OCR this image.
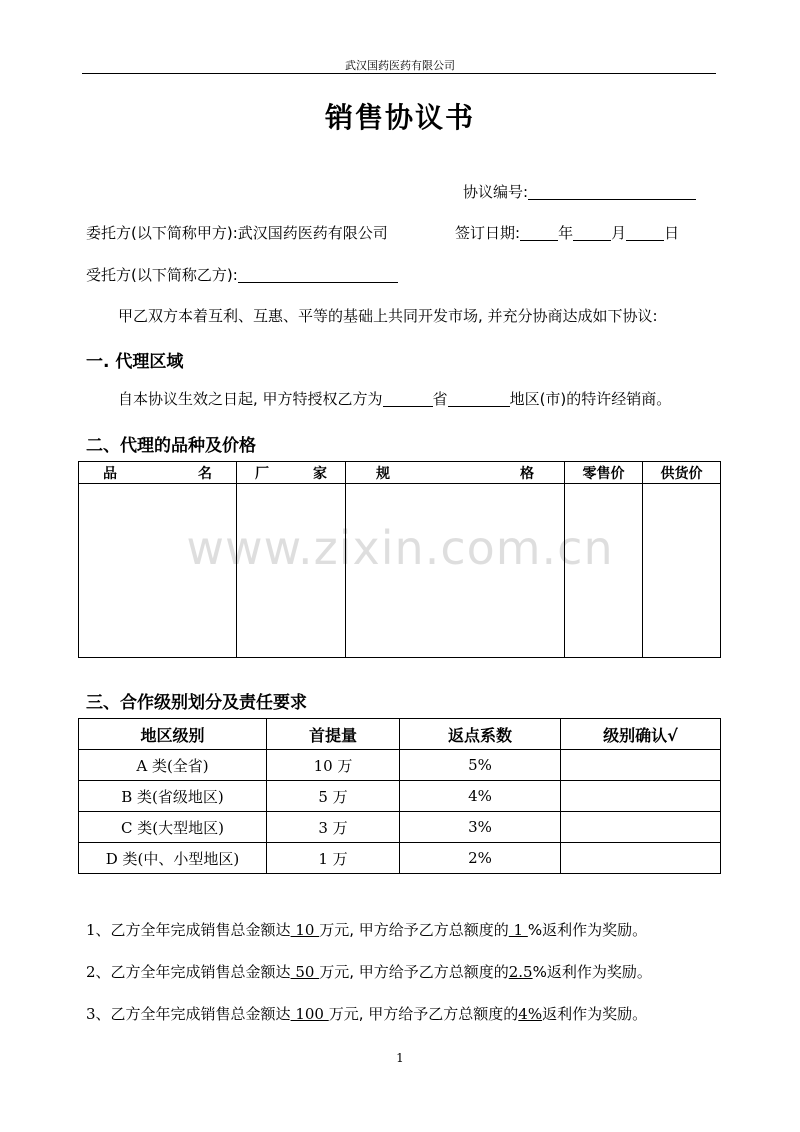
武汉国药医药有限公司
销售协议书
协议编号:
委托方(以下简称甲方):武汉国药医药有限公司	签订日期:	年	月	日
受托方(以下简称乙方):
甲乙双方本着互利、互惠、平等的基础上共同开发市场, 并充分协商达成如下协议:
一. 代理区域
自本协议生效之日起, 甲方特授权乙方为	省	地区(市)的特许经销商。
二、代理的品种及价格
品 名	厂 家	规 格	零售价	供货价

www.zixin.com.cn
三、合作级别划分及责任要求
地区级别	首提量	返点系数	级别确认√
A 类(全省)	10 万	5%	
B 类(省级地区)	5 万	4%	
C 类(大型地区)	3 万	3%	
D 类(中、小型地区)	1 万	2%	
1、乙方全年完成销售总金额达 10 万元, 甲方给予乙方总额度的 1 %返利作为奖励。
2、乙方全年完成销售总金额达 50 万元, 甲方给予乙方总额度的2.5%返利作为奖励。
3、乙方全年完成销售总金额达 100 万元, 甲方给予乙方总额度的4%返利作为奖励。
1
